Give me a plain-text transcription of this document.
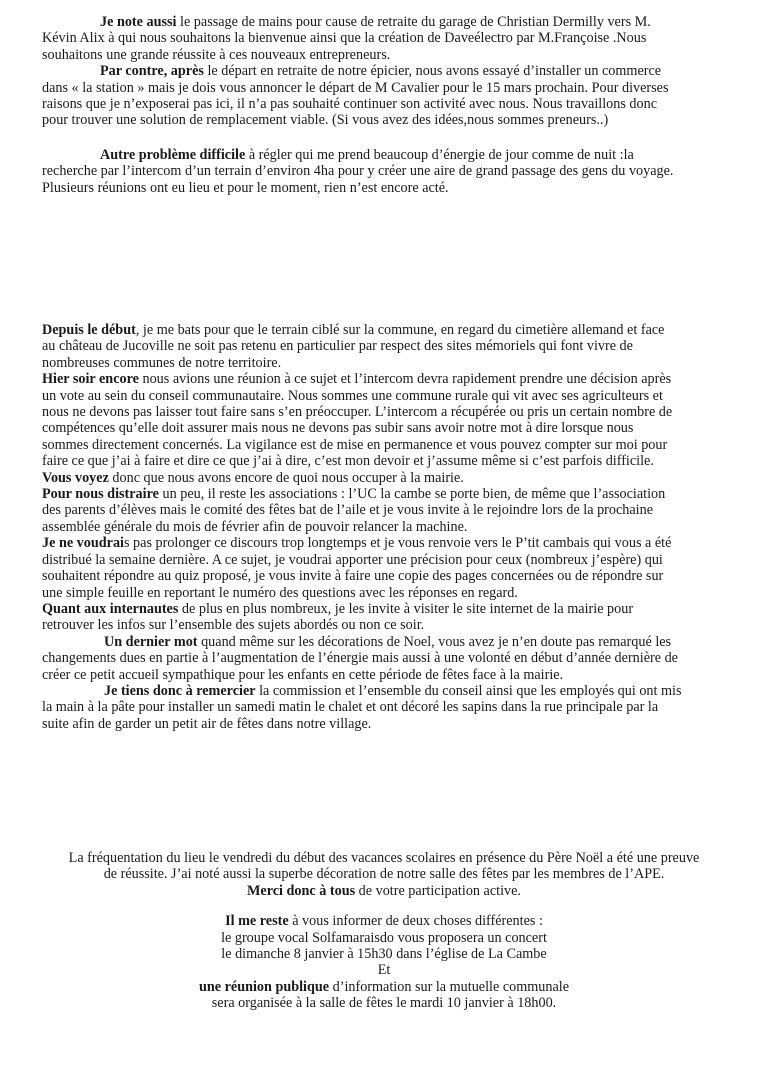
Je note aussi le passage de mains pour cause de retraite du garage de Christian Dermilly vers M.
Kévin Alix à qui nous souhaitons la bienvenue ainsi que la création de Daveélectro par M.Françoise .Nous
souhaitons une grande réussite à ces nouveaux entrepreneurs.

Par contre, après le départ en retraite de notre épicier, nous avons essayé d’installer un commerce
dans « la station » mais je dois vous annoncer le départ de M Cavalier pour le 15 mars prochain. Pour diverses
raisons que je n’exposerai pas ici, il n’a pas souhaité continuer son activité avec nous. Nous travaillons donc
pour trouver une solution de remplacement viable. (Si vous avez des idées,nous sommes preneurs..)

Autre problème difficile à régler qui me prend beaucoup d’énergie de jour comme de nuit :la
recherche par l’intercom d’un terrain d’environ 4ha pour y créer une aire de grand passage des gens du voyage.
Plusieurs réunions ont eu lieu et pour le moment, rien n’est encore acté.

Depuis le début, je me bats pour que le terrain ciblé sur la commune, en regard du cimetière allemand et face
au château de Jucoville ne soit pas retenu en particulier par respect des sites mémoriels qui font vivre de
nombreuses communes de notre territoire.

Hier soir encore nous avions une réunion à ce sujet et l’intercom devra rapidement prendre une décision après
un vote au sein du conseil communautaire. Nous sommes une commune rurale qui vit avec ses agriculteurs et
nous ne devons pas laisser tout faire sans s’en préoccuper. L’intercom a récupérée ou pris un certain nombre de
compétences qu’elle doit assurer mais nous ne devons pas subir sans avoir notre mot à dire lorsque nous
sommes directement concernés. La vigilance est de mise en permanence et vous pouvez compter sur moi pour
faire ce que j’ai à faire et dire ce que j’ai à dire, c’est mon devoir et j’assume même si c’est parfois difficile.

Vous voyez donc que nous avons encore de quoi nous occuper à la mairie.

Pour nous distraire un peu, il reste les associations : l’UC la cambe se porte bien, de même que l’association
des parents d’élèves mais le comité des fêtes bat de l’aile et je vous invite à le rejoindre lors de la prochaine
assemblée générale du mois de février afin de pouvoir relancer la machine.

Je ne voudrais pas prolonger ce discours trop longtemps et je vous renvoie vers le P’tit cambais qui vous a été
distribué la semaine dernière. A ce sujet, je voudrai apporter une précision pour ceux (nombreux j’espère) qui
souhaitent répondre au quiz proposé, je vous invite à faire une copie des pages concernées ou de répondre sur
une simple feuille en reportant le numéro des questions avec les réponses en regard.

Quant aux internautes de plus en plus nombreux, je les invite à visiter le site internet de la mairie pour
retrouver les infos sur l’ensemble des sujets abordés ou non ce soir.

Un dernier mot quand même sur les décorations de Noel, vous avez je n’en doute pas remarqué les
changements dues en partie à l’augmentation de l’énergie mais aussi à une volonté en début d’année dernière de
créer ce petit accueil sympathique pour les enfants en cette période de fêtes face à la mairie.

Je tiens donc à remercier la commission et l’ensemble du conseil ainsi que les employés qui ont mis
la main à la pâte pour installer un samedi matin le chalet et ont décoré les sapins dans la rue principale par la
suite afin de garder un petit air de fêtes dans notre village.

La fréquentation du lieu le vendredi du début des vacances scolaires en présence du Père Noël a été une preuve
de réussite. J’ai noté aussi la superbe décoration de notre salle des fêtes par les membres de l’APE.
Merci donc à tous de votre participation active.
Il me reste à vous informer de deux choses différentes :
le groupe vocal Solfamaraisdo vous proposera un concert
le dimanche 8 janvier à 15h30 dans l’église de La Cambe
Et
une réunion publique d’information sur la mutuelle communale
sera organisée à la salle de fêtes le mardi 10 janvier à 18h00.
